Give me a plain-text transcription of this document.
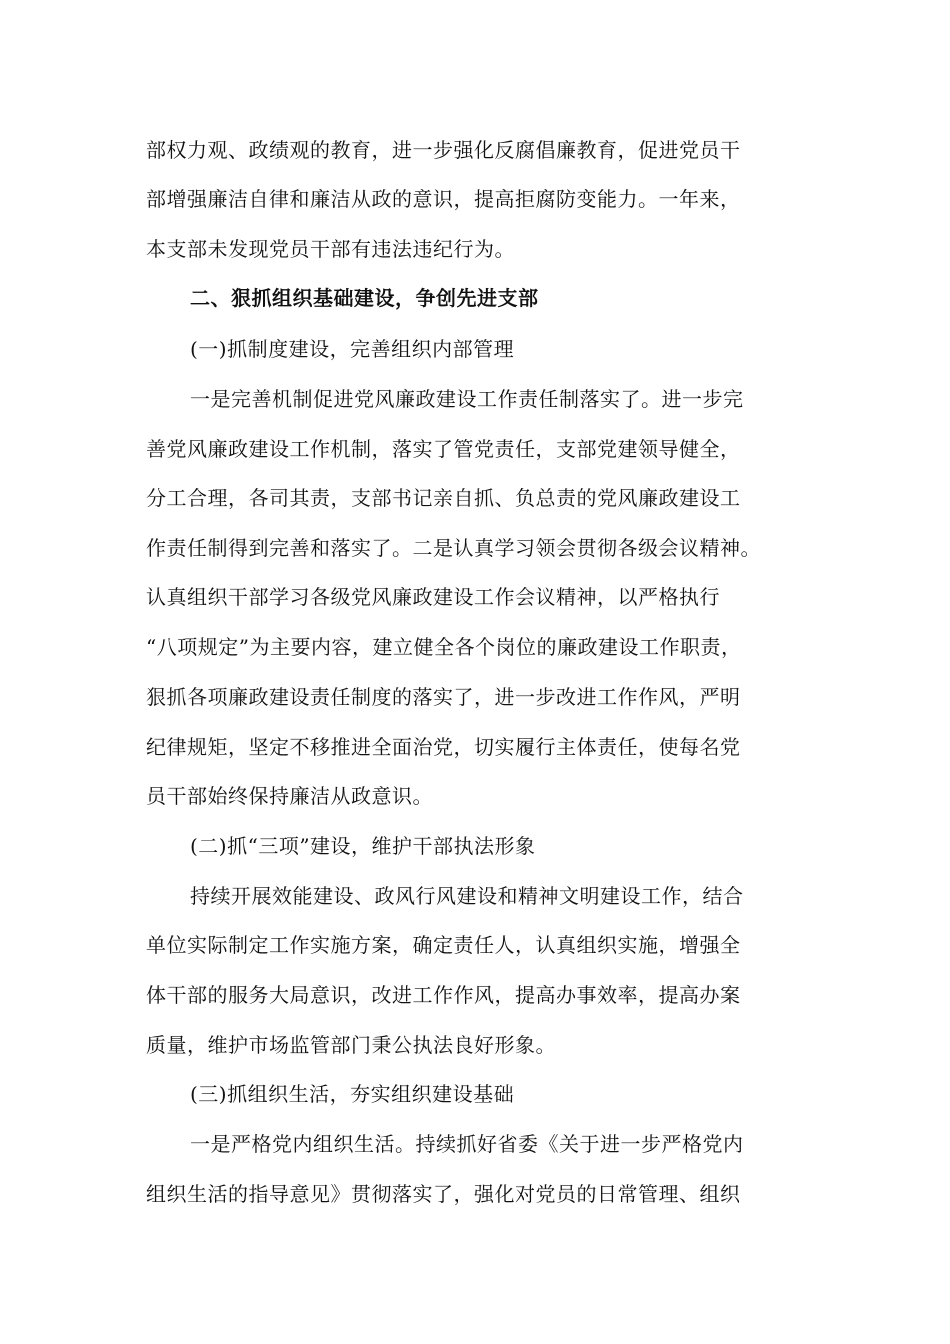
部权力观、政绩观的教育，进一步强化反腐倡廉教育，促进党员干
部增强廉洁自律和廉洁从政的意识，提高拒腐防变能力。一年来，
本支部未发现党员干部有违法违纪行为。
二、狠抓组织基础建设，争创先进支部
(一)抓制度建设，完善组织内部管理
一是完善机制促进党风廉政建设工作责任制落实了。进一步完
善党风廉政建设工作机制，落实了管党责任，支部党建领导健全，
分工合理，各司其责，支部书记亲自抓、负总责的党风廉政建设工
作责任制得到完善和落实了。二是认真学习领会贯彻各级会议精神。
认真组织干部学习各级党风廉政建设工作会议精神，以严格执行
“八项规定”为主要内容，建立健全各个岗位的廉政建设工作职责，
狠抓各项廉政建设责任制度的落实了，进一步改进工作作风，严明
纪律规矩，坚定不移推进全面治党，切实履行主体责任，使每名党
员干部始终保持廉洁从政意识。
(二)抓“三项”建设，维护干部执法形象
持续开展效能建设、政风行风建设和精神文明建设工作，结合
单位实际制定工作实施方案，确定责任人，认真组织实施，增强全
体干部的服务大局意识，改进工作作风，提高办事效率，提高办案
质量，维护市场监管部门秉公执法良好形象。
(三)抓组织生活，夯实组织建设基础
一是严格党内组织生活。持续抓好省委《关于进一步严格党内
组织生活的指导意见》贯彻落实了，强化对党员的日常管理、组织
